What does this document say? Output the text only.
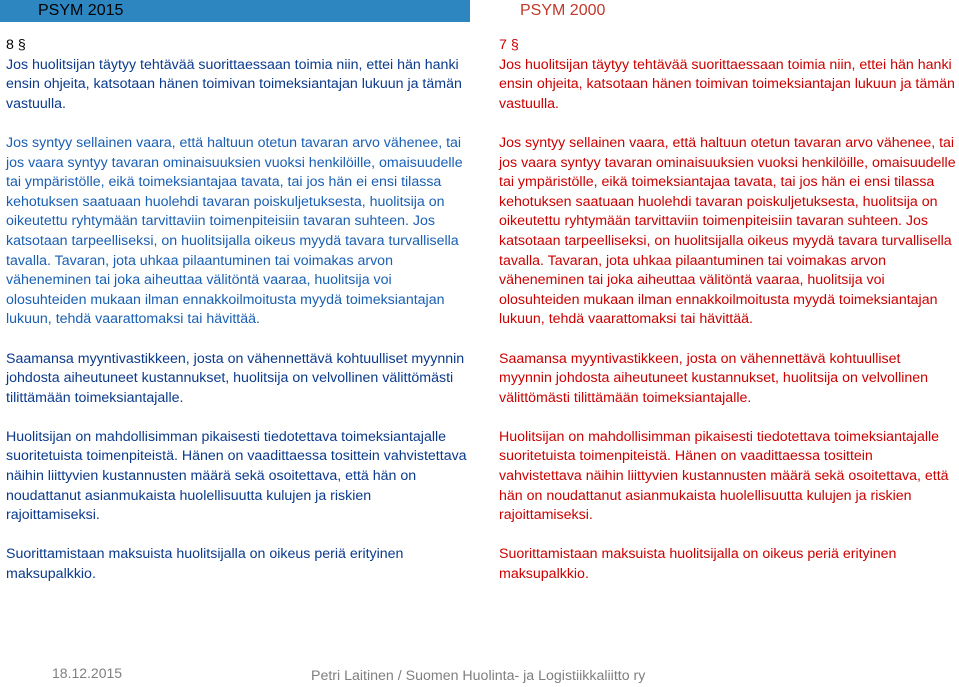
PSYM 2015	PSYM 2000

8 §

Jos huolitsijan täytyy tehtävää suorittaessaan toimia niin, ettei hän hanki ensin ohjeita, katsotaan hänen toimivan toimeksiantajan lukuun ja tämän vastuulla.

Jos syntyy sellainen vaara, että haltuun otetun tavaran arvo vähenee, tai jos vaara syntyy tavaran ominaisuuksien vuoksi henkilöille, omaisuudelle tai ympäristölle, eikä toimeksiantajaa tavata, tai jos hän ei ensi tilassa kehotuksen saatuaan huolehdi tavaran poiskuljetuksesta, huolitsija on oikeutettu ryhtymään tarvittaviin toimenpiteisiin tavaran suhteen. Jos katsotaan tarpeelliseksi, on huolitsijalla oikeus myydä tavara turvallisella tavalla. Tavaran, jota uhkaa pilaantuminen tai voimakas arvon väheneminen tai joka aiheuttaa välitöntä vaaraa, huolitsija voi olosuhteiden mukaan ilman ennakkoilmoitusta myydä toimeksiantajan lukuun, tehdä vaarattomaksi tai hävittää.

Saamansa myyntivastikkeen, josta on vähennettävä kohtuulliset myynnin johdosta aiheutuneet kustannukset, huolitsija on velvollinen välittömästi tilittämään toimeksiantajalle.

Huolitsijan on mahdollisimman pikaisesti tiedotettava toimeksiantajalle suoritetuista toimenpiteistä. Hänen on vaadittaessa tosittein vahvistettava näihin liittyvien kustannusten määrä sekä osoitettava, että hän on noudattanut asianmukaista huolellisuutta kulujen ja riskien rajoittamiseksi.

Suorittamistaan maksuista huolitsijalla on oikeus periä erityinen maksupalkkio.

7 §

Jos huolitsijan täytyy tehtävää suorittaessaan toimia niin, ettei hän hanki ensin ohjeita, katsotaan hänen toimivan toimeksiantajan lukuun ja tämän vastuulla.

Jos syntyy sellainen vaara, että haltuun otetun tavaran arvo vähenee, tai jos vaara syntyy tavaran ominaisuuksien vuoksi henkilöille, omaisuudelle tai ympäristölle, eikä toimeksiantajaa tavata, tai jos hän ei ensi tilassa kehotuksen saatuaan huolehdi tavaran poiskuljetuksesta, huolitsija on oikeutettu ryhtymään tarvittaviin toimenpiteisiin tavaran suhteen. Jos katsotaan tarpeelliseksi, on huolitsijalla oikeus myydä tavara turvallisella tavalla. Tavaran, jota uhkaa pilaantuminen tai voimakas arvon väheneminen tai joka aiheuttaa välitöntä vaaraa, huolitsija voi olosuhteiden mukaan ilman ennakkoilmoitusta myydä toimeksiantajan lukuun, tehdä vaarattomaksi tai hävittää.

Saamansa myyntivastikkeen, josta on vähennettävä kohtuulliset myynnin johdosta aiheutuneet kustannukset, huolitsija on velvollinen välittömästi tilittämään toimeksiantajalle.

Huolitsijan on mahdollisimman pikaisesti tiedotettava toimeksiantajalle suoritetuista toimenpiteistä. Hänen on vaadittaessa tosittein vahvistettava näihin liittyvien kustannusten määrä sekä osoitettava, että hän on noudattanut asianmukaista huolellisuutta kulujen ja riskien rajoittamiseksi.

Suorittamistaan maksuista huolitsijalla on oikeus periä erityinen maksupalkkio.

18.12.2015	Petri Laitinen / Suomen Huolinta- ja Logistiikkaliitto ry
